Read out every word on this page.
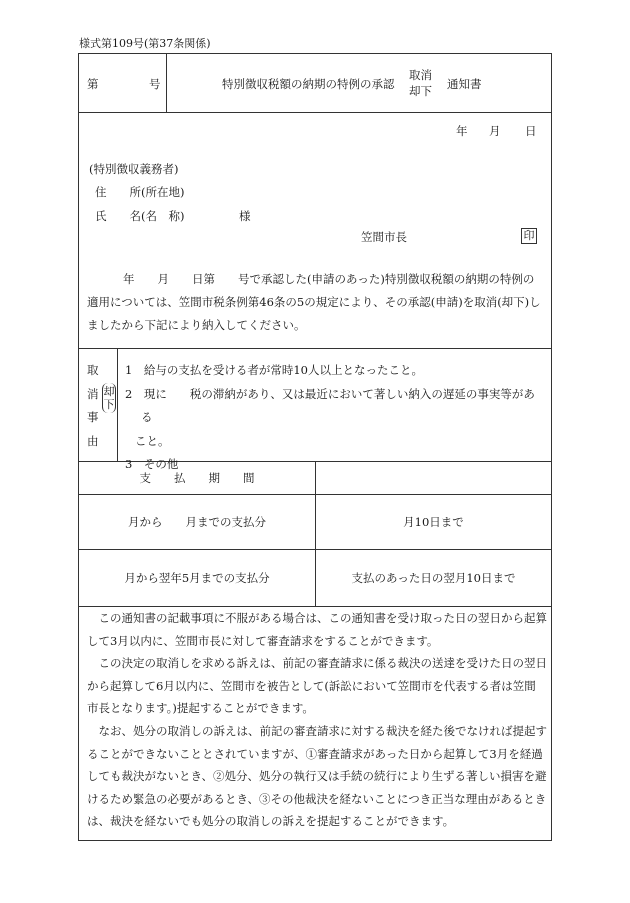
様式第109号(第37条関係)
第	号	特別徴収税額の納期の特例の承認
取消
却下 通知書
年 月 日
(特別徴収義務者)
住　　所(所在地)
氏　　名(名　称)	様
笠間市長	印

年　　月　　日第　　号で承認した(申請のあった)特別徴収税額の納期の特例の

適用については、笠間市税条例第46条の5の規定により、その承認(申請)を取消(却下)し

ましたから下記により納入してください。

取
消
事
由
却
下
1　給与の支払を受ける者が常時10人以上となったこと。
2　現に　　税の滞納があり、又は最近において著しい納入の遅延の事実等がある
こと。
3　その他
支　　払　　期　　間
月から　　月までの支払分	月10日まで
月から翌年5月までの支払分	支払のあった日の翌月10日まで

この通知書の記載事項に不服がある場合は、この通知書を受け取った日の翌日から起算して3月以内に、笠間市長に対して審査請求をすることができます。

この決定の取消しを求める訴えは、前記の審査請求に係る裁決の送達を受けた日の翌日から起算して6月以内に、笠間市を被告として(訴訟において笠間市を代表する者は笠間市長となります。)提起することができます。

なお、処分の取消しの訴えは、前記の審査請求に対する裁決を経た後でなければ提起することができないこととされていますが、①審査請求があった日から起算して3月を経過しても裁決がないとき、②処分、処分の執行又は手続の続行により生ずる著しい損害を避けるため緊急の必要があるとき、③その他裁決を経ないことにつき正当な理由があるときは、裁決を経ないでも処分の取消しの訴えを提起することができます。
